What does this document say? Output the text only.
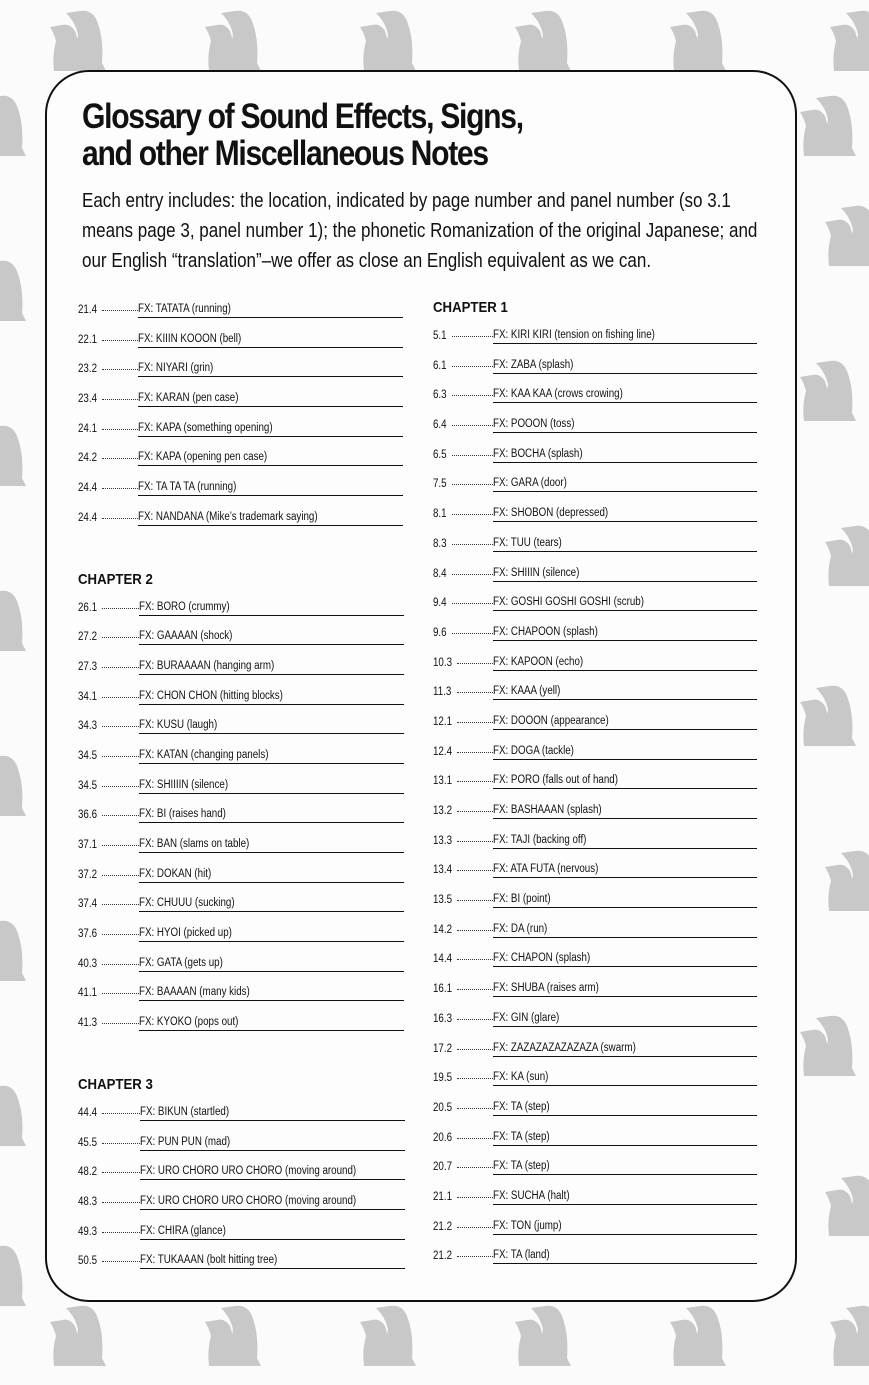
Glossary of Sound Effects, Signs,
and other Miscellaneous Notes
Each entry includes: the location, indicated by page number and panel number (so 3.1
means page 3, panel number 1); the phonetic Romanization of the original Japanese; and
our English “translation”–we offer as close an English equivalent as we can.
21.4	FX: TATATA (running)
22.1	FX: KIIIN KOOON (bell)
23.2	FX: NIYARI (grin)
23.4	FX: KARAN (pen case)
24.1	FX: KAPA (something opening)
24.2	FX: KAPA (opening pen case)
24.4	FX: TA TA TA (running)
24.4	FX: NANDANA (Mike’s trademark saying)
CHAPTER 2
26.1	FX: BORO (crummy)
27.2	FX: GAAAAN (shock)
27.3	FX: BURAAAAN (hanging arm)
34.1	FX: CHON CHON (hitting blocks)
34.3	FX: KUSU (laugh)
34.5	FX: KATAN (changing panels)
34.5	FX: SHIIIIN (silence)
36.6	FX: BI (raises hand)
37.1	FX: BAN (slams on table)
37.2	FX: DOKAN (hit)
37.4	FX: CHUUU (sucking)
37.6	FX: HYOI (picked up)
40.3	FX: GATA (gets up)
41.1	FX: BAAAAN (many kids)
41.3	FX: KYOKO (pops out)
CHAPTER 3
44.4	FX: BIKUN (startled)
45.5	FX: PUN PUN (mad)
48.2	FX: URO CHORO URO CHORO (moving around)
48.3	FX: URO CHORO URO CHORO (moving around)
49.3	FX: CHIRA (glance)
50.5	FX: TUKAAAN (bolt hitting tree)
CHAPTER 1
5.1	FX: KIRI KIRI (tension on fishing line)
6.1	FX: ZABA (splash)
6.3	FX: KAA KAA (crows crowing)
6.4	FX: POOON (toss)
6.5	FX: BOCHA (splash)
7.5	FX: GARA (door)
8.1	FX: SHOBON (depressed)
8.3	FX: TUU (tears)
8.4	FX: SHIIIN (silence)
9.4	FX: GOSHI GOSHI GOSHI (scrub)
9.6	FX: CHAPOON (splash)
10.3	FX: KAPOON (echo)
11.3	FX: KAAA (yell)
12.1	FX: DOOON (appearance)
12.4	FX: DOGA (tackle)
13.1	FX: PORO (falls out of hand)
13.2	FX: BASHAAAN (splash)
13.3	FX: TAJI (backing off)
13.4	FX: ATA FUTA (nervous)
13.5	FX: BI (point)
14.2	FX: DA (run)
14.4	FX: CHAPON (splash)
16.1	FX: SHUBA (raises arm)
16.3	FX: GIN (glare)
17.2	FX: ZAZAZAZAZAZAZA (swarm)
19.5	FX: KA (sun)
20.5	FX: TA (step)
20.6	FX: TA (step)
20.7	FX: TA (step)
21.1	FX: SUCHA (halt)
21.2	FX: TON (jump)
21.2	FX: TA (land)
